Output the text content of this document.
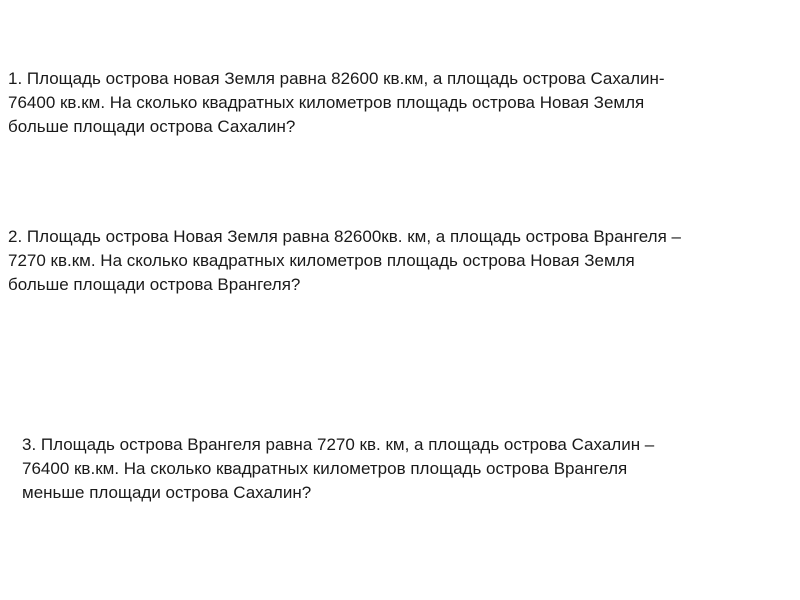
1. Площадь острова новая Земля равна 82600 кв.км, а площадь острова Сахалин-
76400 кв.км. На сколько квадратных километров площадь острова Новая Земля
больше площади острова Сахалин?

2. Площадь острова Новая Земля равна 82600кв. км, а площадь острова Врангеля –
7270 кв.км. На сколько квадратных километров площадь острова Новая Земля
больше площади острова Врангеля?

3. Площадь острова Врангеля равна 7270 кв. км, а площадь острова Сахалин –
76400 кв.км. На сколько квадратных километров площадь острова Врангеля
меньше площади острова Сахалин?
